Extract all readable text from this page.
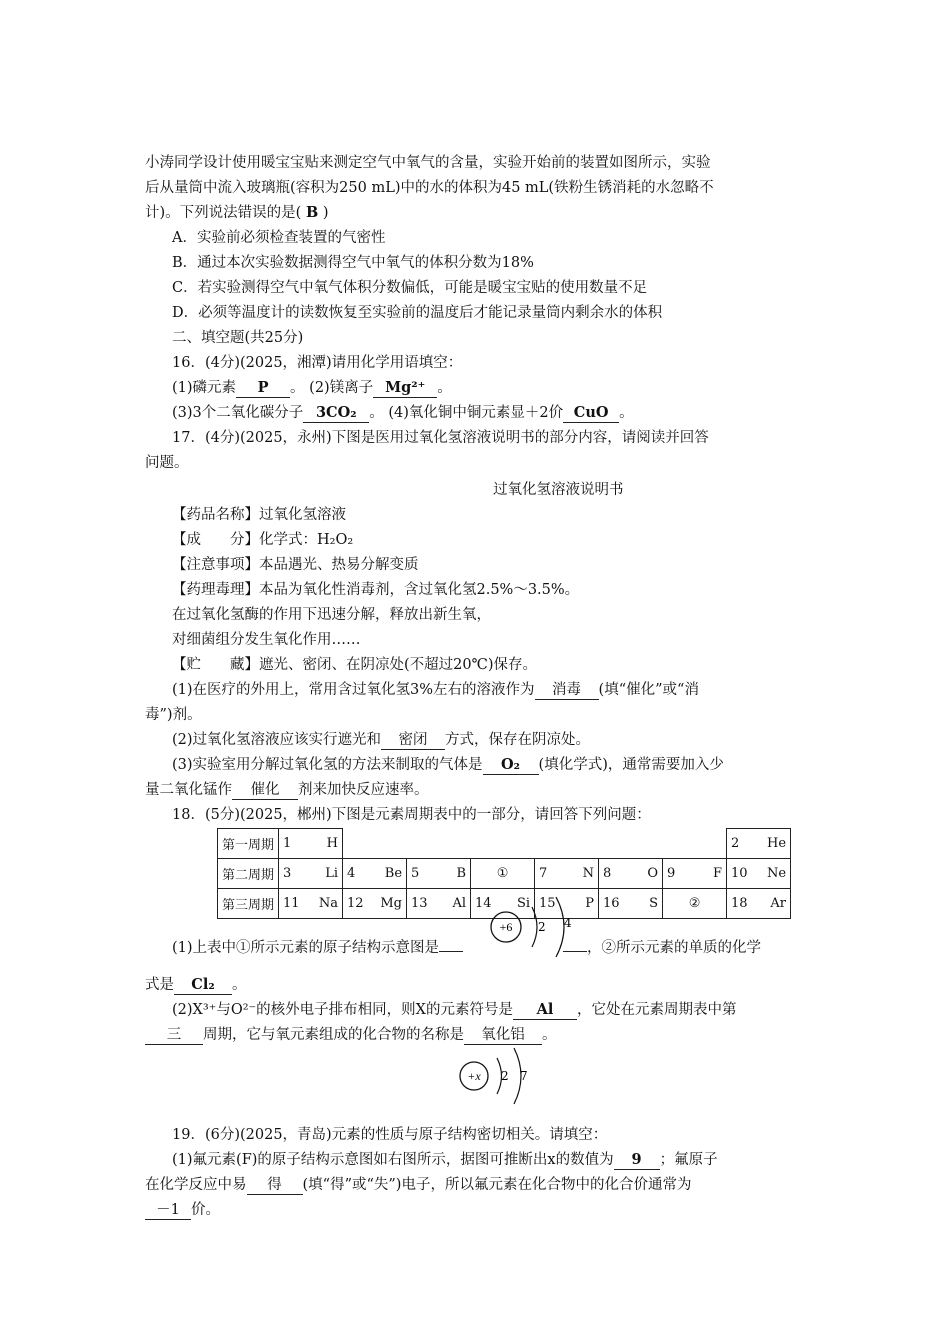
小涛同学设计使用暖宝宝贴来测定空气中氧气的含量，实验开始前的装置如图所示，实验
后从量筒中流入玻璃瓶(容积为250 mL)中的水的体积为45 mL(铁粉生锈消耗的水忽略不
计)。下列说法错误的是( B )
A．实验前必须检查装置的气密性
B．通过本次实验数据测得空气中氧气的体积分数为18%
C．若实验测得空气中氧气体积分数偏低，可能是暖宝宝贴的使用数量不足
D．必须等温度计的读数恢复至实验前的温度后才能记录量筒内剩余水的体积
二、填空题(共25分)
16．(4分)(2025，湘潭)请用化学用语填空：
(1)磷元素 P 。 (2)镁离子 Mg²⁺ 。
(3)3个二氧化碳分子 3CO₂ 。 (4)氧化铜中铜元素显＋2价 CuO 。
17．(4分)(2025，永州)下图是医用过氧化氢溶液说明书的部分内容，请阅读并回答
问题。
过氧化氢溶液说明书
【药品名称】过氧化氢溶液
【成　　分】化学式：H₂O₂
【注意事项】本品遇光、热易分解变质
【药理毒理】本品为氧化性消毒剂，含过氧化氢2.5%～3.5%。
在过氧化氢酶的作用下迅速分解，释放出新生氧，
对细菌组分发生氧化作用……
【贮　　藏】遮光、密闭、在阴凉处(不超过20℃)保存。
(1)在医疗的外用上，常用含过氧化氢3%左右的溶液作为 消毒 (填“催化”或“消
毒”)剂。
(2)过氧化氢溶液应该实行遮光和 密闭 方式，保存在阴凉处。
(3)实验室用分解过氧化氢的方法来制取的气体是 O₂ (填化学式)，通常需要加入少
量二氧化锰作 催化 剂来加快反应速率。
18．(5分)(2025，郴州)下图是元素周期表中的一部分，请回答下列问题：
第一周期	1 H							2 He

第二周期	3 Li	4 Be	5 B	①	7 N	8 O	9 F	10 Ne

第三周期	11 Na	12 Mg	13 Al	14 Si	15 P	16 S	②	18 Ar
+6 2 4
(1)上表中①所示元素的原子结构示意图是	，②所示元素的单质的化学
式是 Cl₂ 。
(2)X³⁺与O²⁻的核外电子排布相同，则X的元素符号是 Al ，它处在元素周期表中第
三 周期，它与氧元素组成的化合物的名称是 氧化铝 。
+x 2 7
19．(6分)(2025，青岛)元素的性质与原子结构密切相关。请填空：
(1)氟元素(F)的原子结构示意图如右图所示，据图可推断出x的数值为 9 ；氟原子
在化学反应中易 得 (填“得”或“失”)电子，所以氟元素在化合物中的化合价通常为
－1 价。
